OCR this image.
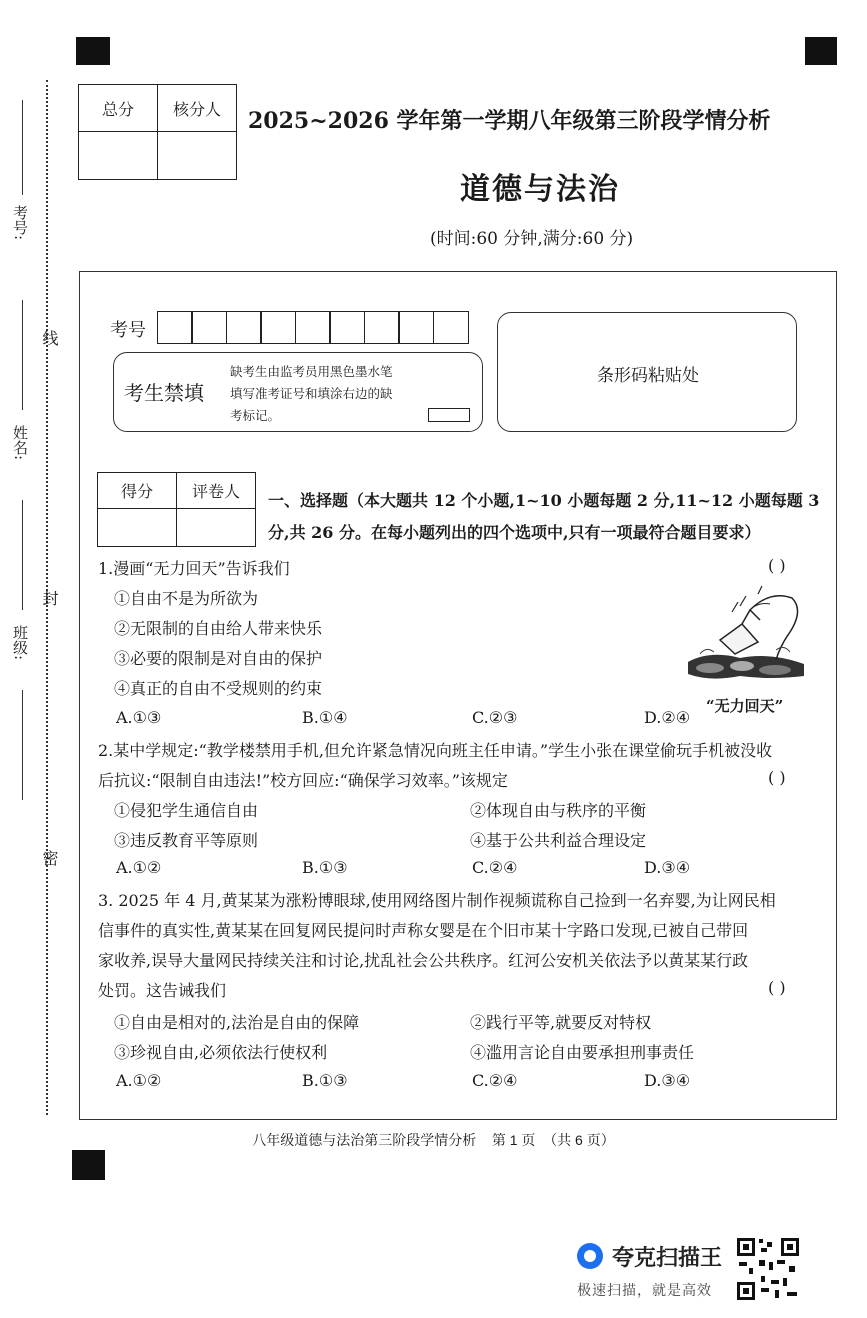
考号:
线
姓名:
封
班级:
密
总分	核分人
	2025~2026 学年第一学期八年级第三阶段学情分析
道德与法治
(时间:60 分钟,满分:60 分)
考号
考生禁填
缺考生由监考员用黑色墨水笔
填写准考证号和填涂右边的缺
考标记。
条形码粘贴处
得分	评卷人
	一、选择题（本大题共 12 个小题,1~10 小题每题 2 分,11~12 小题每题 3
分,共 26 分。在每小题列出的四个选项中,只有一项最符合题目要求）
1.漫画“无力回天”告诉我们	( )
①自由不是为所欲为
②无限制的自由给人带来快乐
③必要的限制是对自由的保护
④真正的自由不受规则的约束
A.①③	B.①④	C.②③	D.②④
“无力回天”
2.某中学规定:“教学楼禁用手机,但允许紧急情况向班主任申请。”学生小张在课堂偷玩手机被没收
后抗议:“限制自由违法!”校方回应:“确保学习效率。”该规定	( )
①侵犯学生通信自由	②体现自由与秩序的平衡
③违反教育平等原则	④基于公共利益合理设定
A.①②	B.①③	C.②④	D.③④
3. 2025 年 4 月,黄某某为涨粉博眼球,使用网络图片制作视频谎称自己捡到一名弃婴,为让网民相
信事件的真实性,黄某某在回复网民提问时声称女婴是在个旧市某十字路口发现,已被自己带回
家收养,误导大量网民持续关注和讨论,扰乱社会公共秩序。红河公安机关依法予以黄某某行政
处罚。这告诫我们	( )
①自由是相对的,法治是自由的保障	②践行平等,就要反对特权
③珍视自由,必须依法行使权利	④滥用言论自由要承担刑事责任
A.①②	B.①③	C.②④	D.③④
八年级道德与法治第三阶段学情分析    第 1 页  （共 6 页）
夸克扫描王
极速扫描，就是高效
